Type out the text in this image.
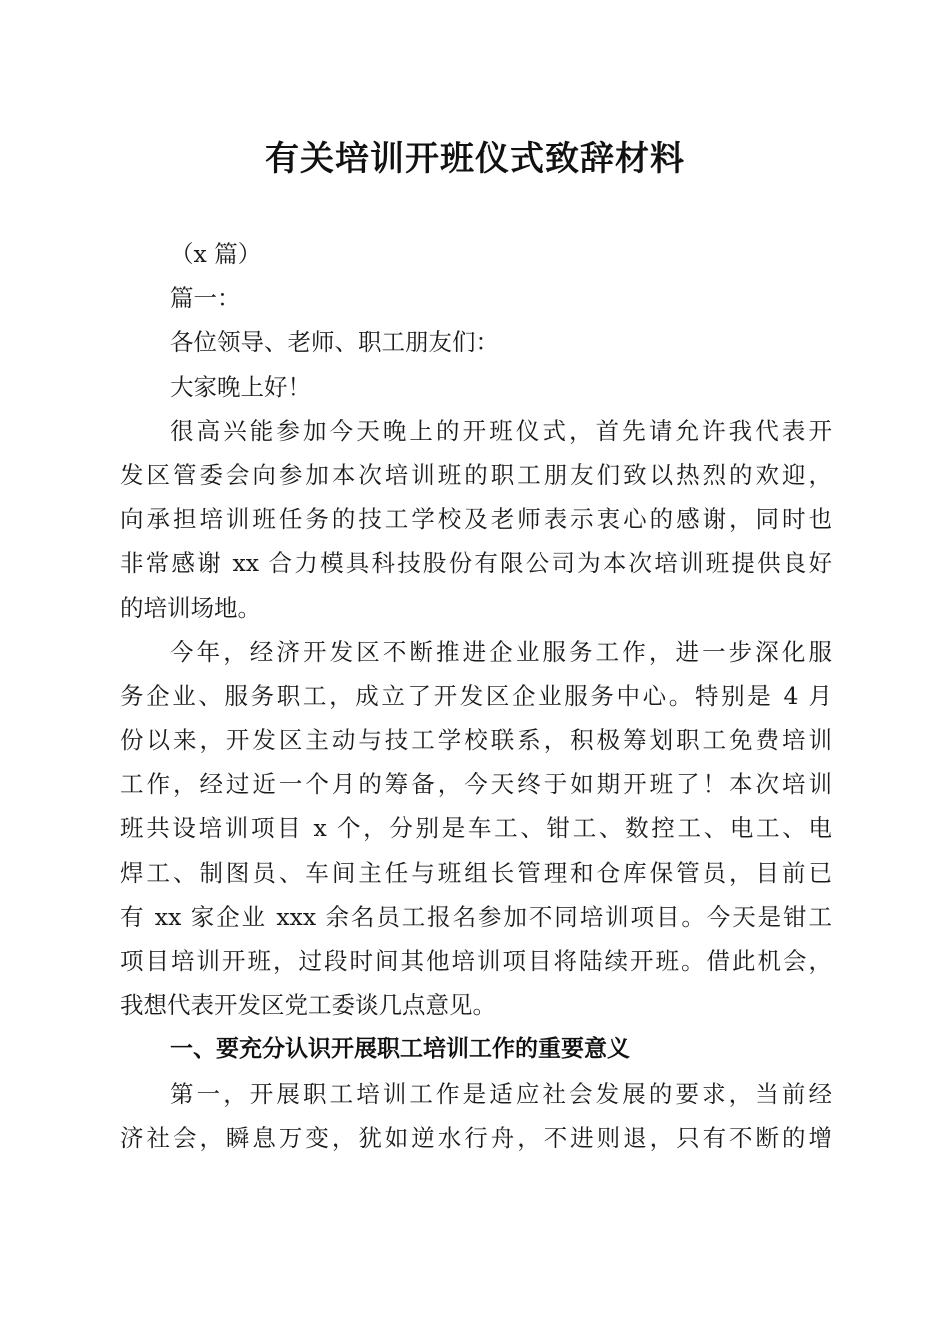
有关培训开班仪式致辞材料
（x 篇）
篇一：
各位领导、老师、职工朋友们：
大家晚上好！
很高兴能参加今天晚上的开班仪式，首先请允许我代表开
发区管委会向参加本次培训班的职工朋友们致以热烈的欢迎，
向承担培训班任务的技工学校及老师表示衷心的感谢，同时也
非常感谢 xx 合力模具科技股份有限公司为本次培训班提供良好
的培训场地。
今年，经济开发区不断推进企业服务工作，进一步深化服
务企业、服务职工，成立了开发区企业服务中心。特别是 4 月
份以来，开发区主动与技工学校联系，积极筹划职工免费培训
工作，经过近一个月的筹备，今天终于如期开班了！本次培训
班共设培训项目 x 个，分别是车工、钳工、数控工、电工、电
焊工、制图员、车间主任与班组长管理和仓库保管员，目前已
有 xx 家企业 xxx 余名员工报名参加不同培训项目。今天是钳工
项目培训开班，过段时间其他培训项目将陆续开班。借此机会，
我想代表开发区党工委谈几点意见。
一、要充分认识开展职工培训工作的重要意义
第一，开展职工培训工作是适应社会发展的要求，当前经
济社会，瞬息万变，犹如逆水行舟，不进则退，只有不断的增
